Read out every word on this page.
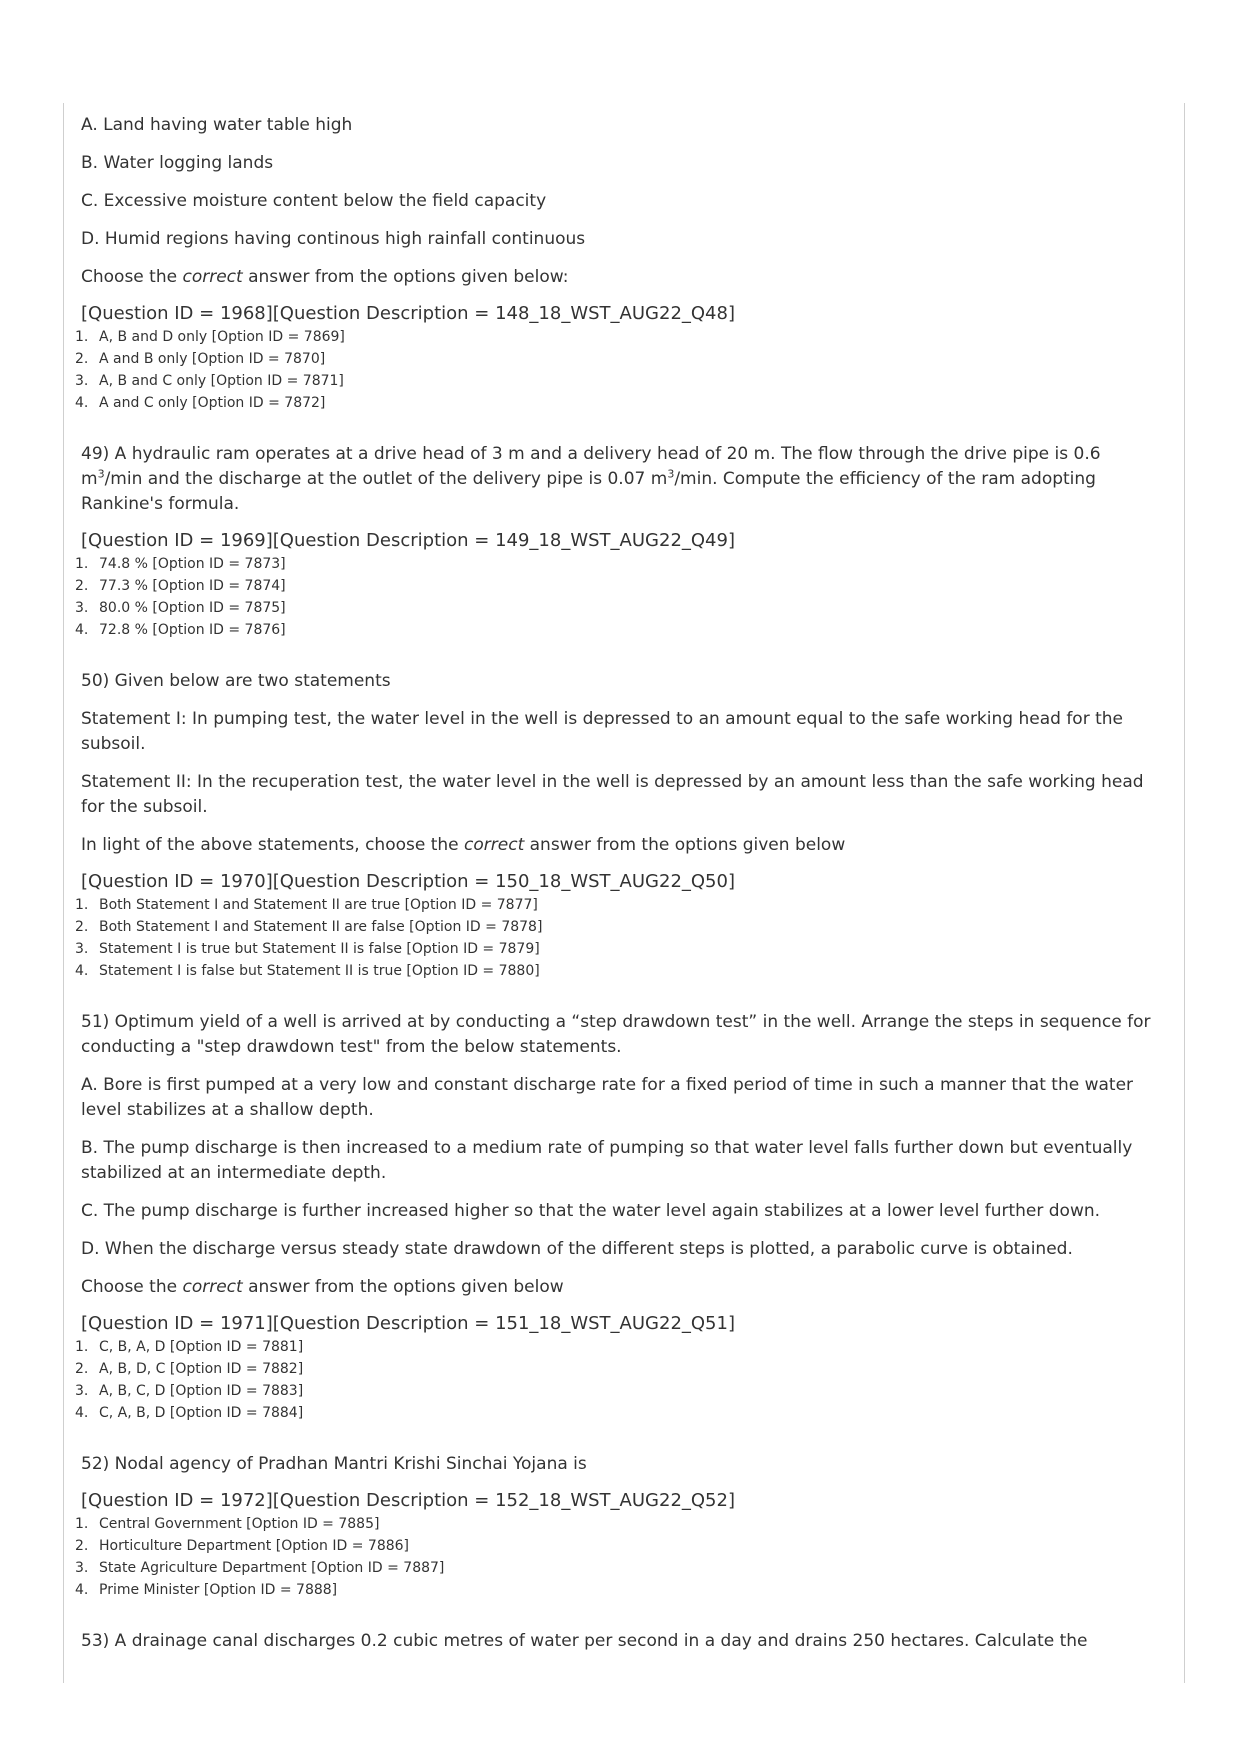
A. Land having water table high

B. Water logging lands

C. Excessive moisture content below the field capacity

D. Humid regions having continous high rainfall continuous

Choose the correct answer from the options given below:

[Question ID = 1968][Question Description = 148_18_WST_AUG22_Q48]
1. A, B and D only [Option ID = 7869]
2. A and B only [Option ID = 7870]
3. A, B and C only [Option ID = 7871]
4. A and C only [Option ID = 7872]

49) A hydraulic ram operates at a drive head of 3 m and a delivery head of 20 m. The flow through the drive pipe is 0.6 $m^3/\min$ and the discharge at the outlet of the delivery pipe is 0.07 $m^3/\min$. Compute the efficiency of the ram adopting Rankine's formula.

[Question ID = 1969][Question Description = 149_18_WST_AUG22_Q49]
1. 74.8 % [Option ID = 7873]
2. 77.3 % [Option ID = 7874]
3. 80.0 % [Option ID = 7875]
4. 72.8 % [Option ID = 7876]

50) Given below are two statements

Statement I: In pumping test, the water level in the well is depressed to an amount equal to the safe working head for the subsoil.

Statement II: In the recuperation test, the water level in the well is depressed by an amount less than the safe working head for the subsoil.

In light of the above statements, choose the correct answer from the options given below

[Question ID = 1970][Question Description = 150_18_WST_AUG22_Q50]
1. Both Statement I and Statement II are true [Option ID = 7877]
2. Both Statement I and Statement II are false [Option ID = 7878]
3. Statement I is true but Statement II is false [Option ID = 7879]
4. Statement I is false but Statement II is true [Option ID = 7880]

51) Optimum yield of a well is arrived at by conducting a “step drawdown test” in the well. Arrange the steps in sequence for conducting a "step drawdown test" from the below statements.

A. Bore is first pumped at a very low and constant discharge rate for a fixed period of time in such a manner that the water level stabilizes at a shallow depth.

B. The pump discharge is then increased to a medium rate of pumping so that water level falls further down but eventually stabilized at an intermediate depth.

C. The pump discharge is further increased higher so that the water level again stabilizes at a lower level further down.

D. When the discharge versus steady state drawdown of the different steps is plotted, a parabolic curve is obtained.

Choose the correct answer from the options given below

[Question ID = 1971][Question Description = 151_18_WST_AUG22_Q51]
1. C, B, A, D [Option ID = 7881]
2. A, B, D, C [Option ID = 7882]
3. A, B, C, D [Option ID = 7883]
4. C, A, B, D [Option ID = 7884]

52) Nodal agency of Pradhan Mantri Krishi Sinchai Yojana is

[Question ID = 1972][Question Description = 152_18_WST_AUG22_Q52]
1. Central Government [Option ID = 7885]
2. Horticulture Department [Option ID = 7886]
3. State Agriculture Department [Option ID = 7887]
4. Prime Minister [Option ID = 7888]

53) A drainage canal discharges 0.2 cubic metres of water per second in a day and drains 250 hectares. Calculate the
